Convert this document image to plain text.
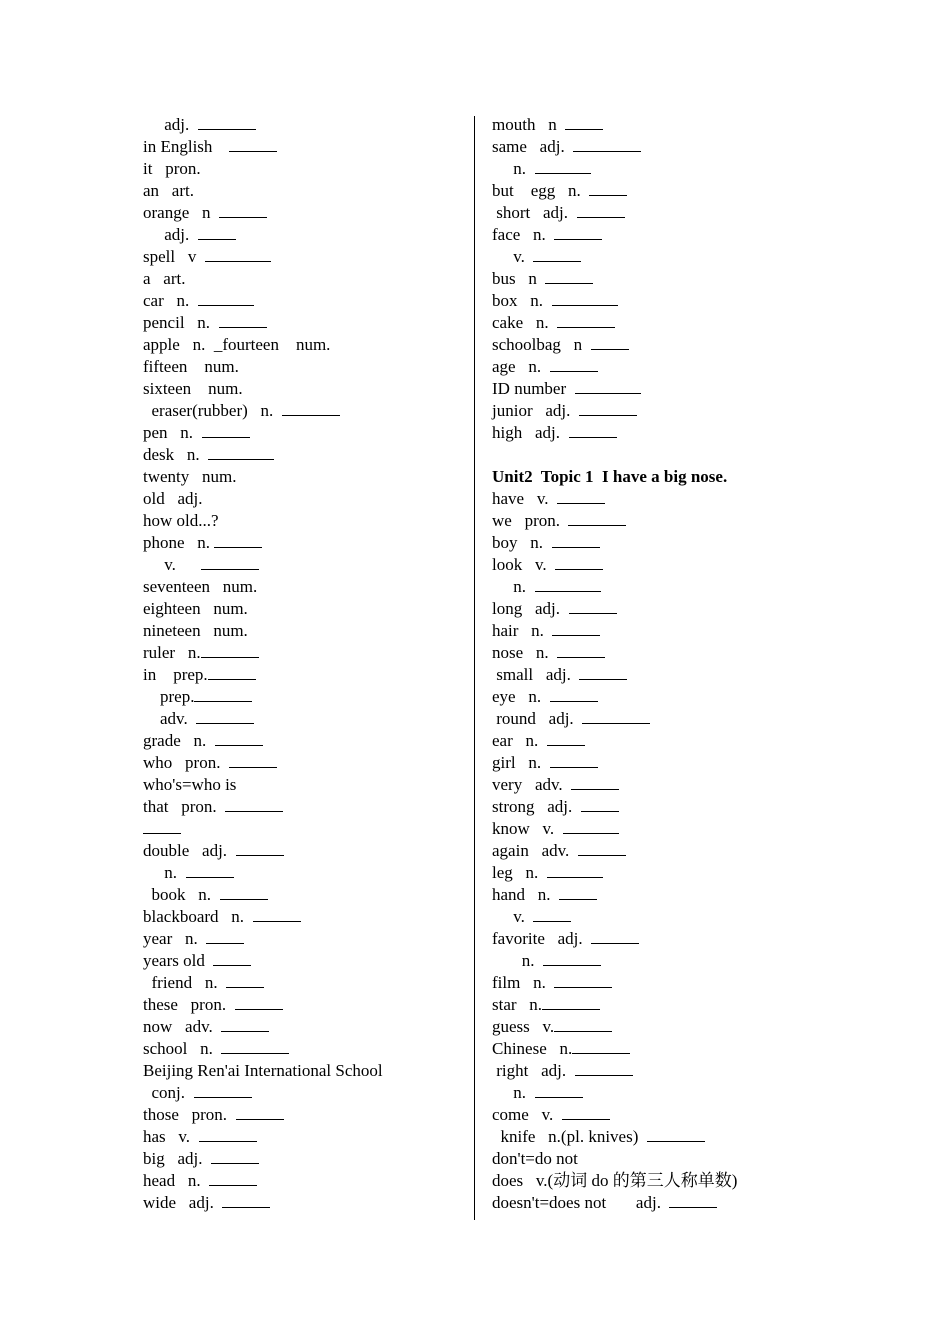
adj.
in English
it   pron.
an   art.
orange   n
adj.
spell   v
a   art.
car   n.
pencil   n.
apple   n.  _fourteen    num.
fifteen    num.
sixteen    num.
eraser(rubber)   n.
pen   n.
desk   n.
twenty   num.
old   adj.
how old...?
phone   n.
v.
seventeen   num.
eighteen   num.
nineteen   num.
ruler   n.
in    prep.
prep.
adv.
grade   n.
who   pron.
who's=who is
that   pron.
double   adj.
n.
book   n.
blackboard   n.
year   n.
years old
friend   n.
these   pron.
now   adv.
school   n.
Beijing Ren'ai International School
conj.
those   pron.
has   v.
big   adj.
head   n.
wide   adj.
mouth   n
same   adj.
n.
but    egg   n.
short   adj.
face   n.
v.
bus   n
box   n.
cake   n.
schoolbag   n
age   n.
ID number
junior   adj.
high   adj.
Unit2  Topic 1  I have a big nose.
have   v.
we   pron.
boy   n.
look   v.
n.
long   adj.
hair   n.
nose   n.
small   adj.
eye   n.
round   adj.
ear   n.
girl   n.
very   adv.
strong   adj.
know   v.
again   adv.
leg   n.
hand   n.
v.
favorite   adj.
n.
film   n.
star   n.
guess   v.
Chinese   n.
right   adj.
n.
come   v.
knife   n.(pl. knives)
don't=do not
does   v.(动词 do 的第三人称单数)
doesn't=does not       adj.
